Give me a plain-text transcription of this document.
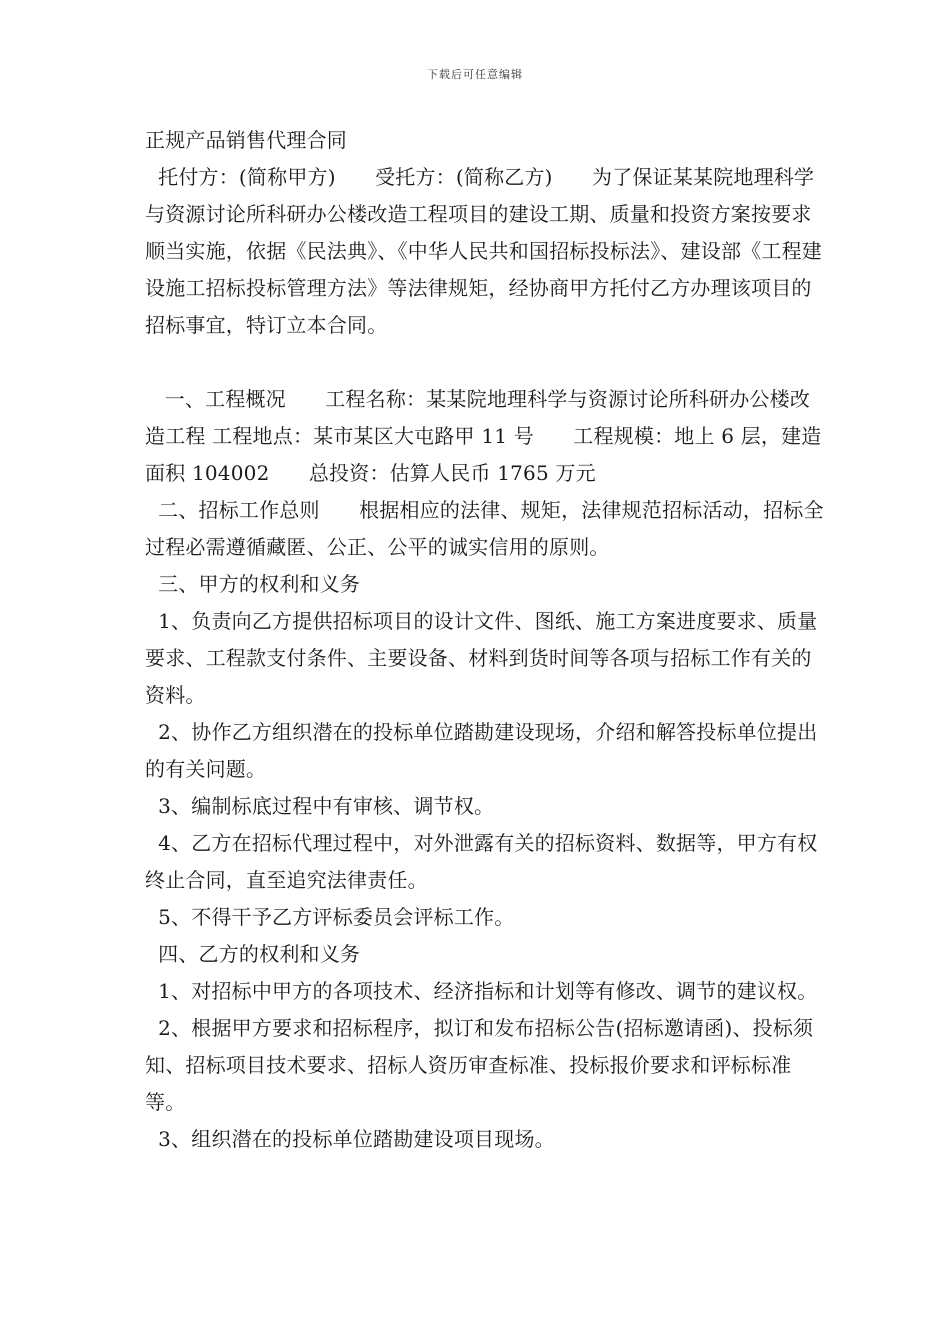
下载后可任意编辑

正规产品销售代理合同

托付方：(简称甲方)      受托方：(简称乙方)      为了保证某某院地理科学与资源讨论所科研办公楼改造工程项目的建设工期、质量和投资方案按要求顺当实施，依据《民法典》、《中华人民共和国招标投标法》、建设部《工程建设施工招标投标管理方法》等法律规矩，经协商甲方托付乙方办理该项目的招标事宜，特订立本合同。

一、工程概况      工程名称：某某院地理科学与资源讨论所科研办公楼改造工程 工程地点：某市某区大屯路甲 11 号      工程规模：地上 6 层，建造面积 104002      总投资：估算人民币 1765 万元

二、招标工作总则      根据相应的法律、规矩，法律规范招标活动，招标全过程必需遵循藏匿、公正、公平的诚实信用的原则。

三、甲方的权利和义务

1、负责向乙方提供招标项目的设计文件、图纸、施工方案进度要求、质量要求、工程款支付条件、主要设备、材料到货时间等各项与招标工作有关的资料。

2、协作乙方组织潜在的投标单位踏勘建设现场，介绍和解答投标单位提出的有关问题。

3、编制标底过程中有审核、调节权。

4、乙方在招标代理过程中，对外泄露有关的招标资料、数据等，甲方有权终止合同，直至追究法律责任。

5、不得干予乙方评标委员会评标工作。

四、乙方的权利和义务

1、对招标中甲方的各项技术、经济指标和计划等有修改、调节的建议权。

2、根据甲方要求和招标程序，拟订和发布招标公告(招标邀请函)、投标须知、招标项目技术要求、招标人资历审查标准、投标报价要求和评标标准等。

3、组织潜在的投标单位踏勘建设项目现场。
